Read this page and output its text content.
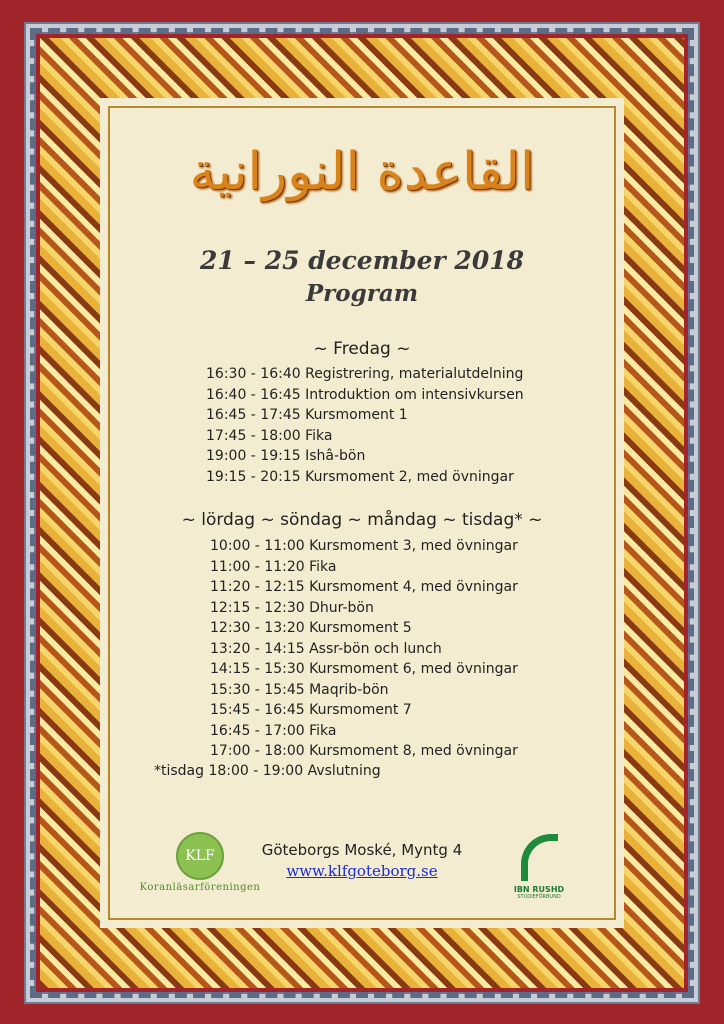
القاعدة النورانية
21 – 25 december 2018
Program
~ Fredag ~
16:30 - 16:40 Registrering, materialutdelning
16:40 - 16:45 Introduktion om intensivkursen
16:45 - 17:45 Kursmoment 1
17:45 - 18:00 Fika
19:00 - 19:15 Ishâ-bön
19:15 - 20:15 Kursmoment 2, med övningar
~ lördag ~ söndag ~ måndag ~ tisdag* ~
10:00 - 11:00 Kursmoment 3, med övningar
11:00 - 11:20 Fika
11:20 - 12:15 Kursmoment 4, med övningar
12:15 - 12:30 Dhur-bön
12:30 - 13:20 Kursmoment 5
13:20 - 14:15 Assr-bön och lunch
14:15 - 15:30 Kursmoment 6, med övningar
15:30 - 15:45 Maqrib-bön
15:45 - 16:45 Kursmoment 7
16:45 - 17:00 Fika
17:00 - 18:00 Kursmoment 8, med övningar
*tisdag 18:00 - 19:00 Avslutning
KLF
Koranläsarföreningen
Göteborgs Moské, Myntg 4
www.klfgoteborg.se
IBN RUSHD
STUDIEFÖRBUND
